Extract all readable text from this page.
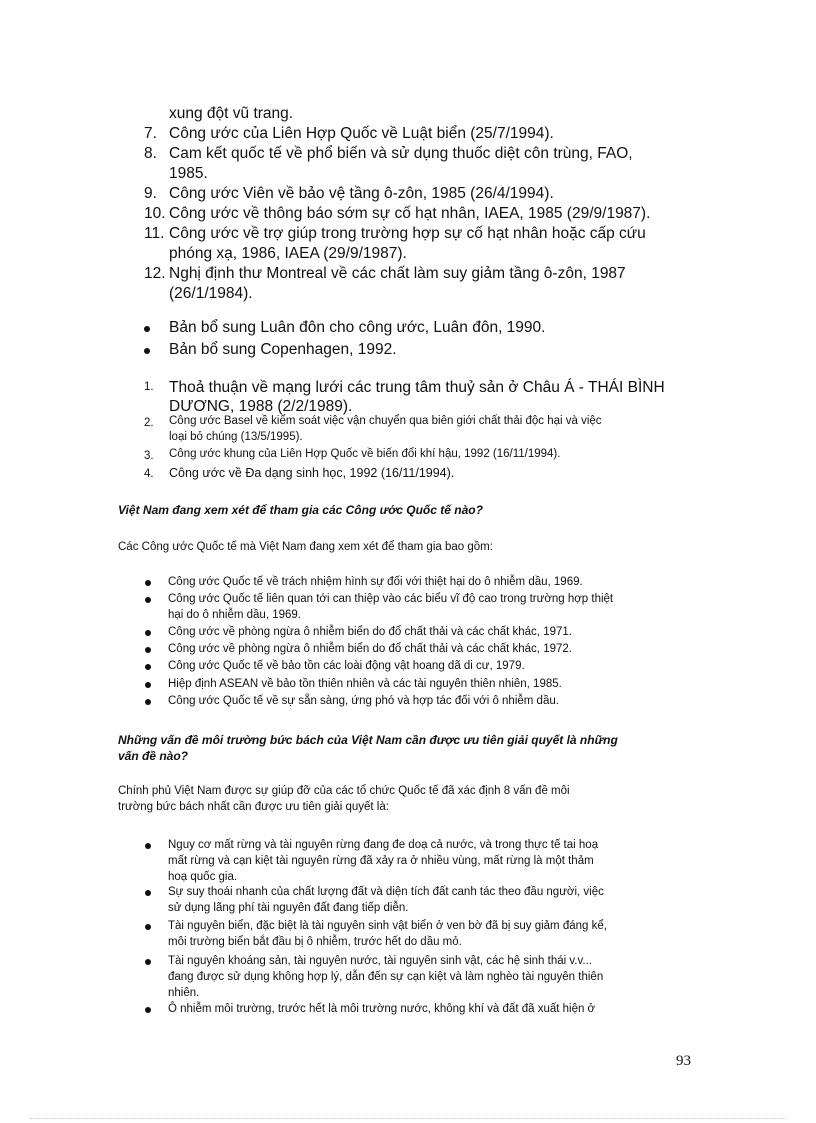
xung đột vũ trang.
7. Công ước của Liên Hợp Quốc về Luật biển (25/7/1994).
8. Cam kết quốc tế về phổ biến và sử dụng thuốc diệt côn trùng, FAO,
1985.
9. Công ước Viên về bảo vệ tầng ô-zôn, 1985 (26/4/1994).
10. Công ước về thông báo sớm sự cố hạt nhân, IAEA, 1985 (29/9/1987).
11. Công ước về trợ giúp trong trường hợp sự cố hạt nhân hoặc cấp cứu
phóng xạ, 1986, IAEA (29/9/1987).
12. Nghị định thư Montreal về các chất làm suy giảm tầng ô-zôn, 1987
(26/1/1984).
Bản bổ sung Luân đôn cho công ước, Luân đôn, 1990.
Bản bổ sung Copenhagen, 1992.
1. Thoả thuận về mạng lưới các trung tâm thuỷ sản ở Châu Á - THÁI BÌNH
DƯƠNG, 1988 (2/2/1989).
2. Công ước Basel về kiểm soát việc vận chuyển qua biên giới chất thải độc hại và việc
loại bỏ chúng (13/5/1995).
3. Công ước khung của Liên Hợp Quốc về biến đổi khí hậu, 1992 (16/11/1994).
4. Công ước về Đa dạng sinh học, 1992 (16/11/1994).
Việt Nam đang xem xét để tham gia các Công ước Quốc tế nào?
Các Công ước Quốc tế mà Việt Nam đang xem xét để tham gia bao gồm:
Công ước Quốc tế về trách nhiệm hình sự đối với thiệt hại do ô nhiễm dầu, 1969.
Công ước Quốc tế liên quan tới can thiệp vào các biểu vĩ độ cao trong trường hợp thiệt
hại do ô nhiễm dầu, 1969.
Công ước về phòng ngừa ô nhiễm biển do đổ chất thải và các chất khác, 1971.
Công ước về phòng ngừa ô nhiễm biển do đổ chất thải và các chất khác, 1972.
Công ước Quốc tế về bảo tồn các loài động vật hoang dã di cư, 1979.
Hiệp định ASEAN về bảo tồn thiên nhiên và các tài nguyên thiên nhiên, 1985.
Công ước Quốc tế về sự sẵn sàng, ứng phó và hợp tác đối với ô nhiễm dầu.
Những vấn đề môi trường bức bách của Việt Nam cần được ưu tiên giải quyết là những
vấn đề nào?
Chính phủ Việt Nam được sự giúp đỡ của các tổ chức Quốc tế đã xác định 8 vấn đề môi
trường bức bách nhất cần được ưu tiên giải quyết là:
Nguy cơ mất rừng và tài nguyên rừng đang đe doạ cả nước, và trong thực tế tai hoạ
mất rừng và cạn kiệt tài nguyên rừng đã xảy ra ở nhiều vùng, mất rừng là một thảm
hoạ quốc gia.
Sự suy thoái nhanh của chất lượng đất và diện tích đất canh tác theo đầu người, việc
sử dụng lãng phí tài nguyên đất đang tiếp diễn.
Tài nguyên biển, đặc biệt là tài nguyên sinh vật biển ở ven bờ đã bị suy giảm đáng kể,
môi trường biển bắt đầu bị ô nhiễm, trước hết do dầu mỏ.
Tài nguyên khoáng sản, tài nguyên nước, tài nguyên sinh vật, các hệ sinh thái v.v...
đang được sử dụng không hợp lý, dẫn đến sự cạn kiệt và làm nghèo tài nguyên thiên
nhiên.
Ô nhiễm môi trường, trước hết là môi trường nước, không khí và đất đã xuất hiện ở
93
